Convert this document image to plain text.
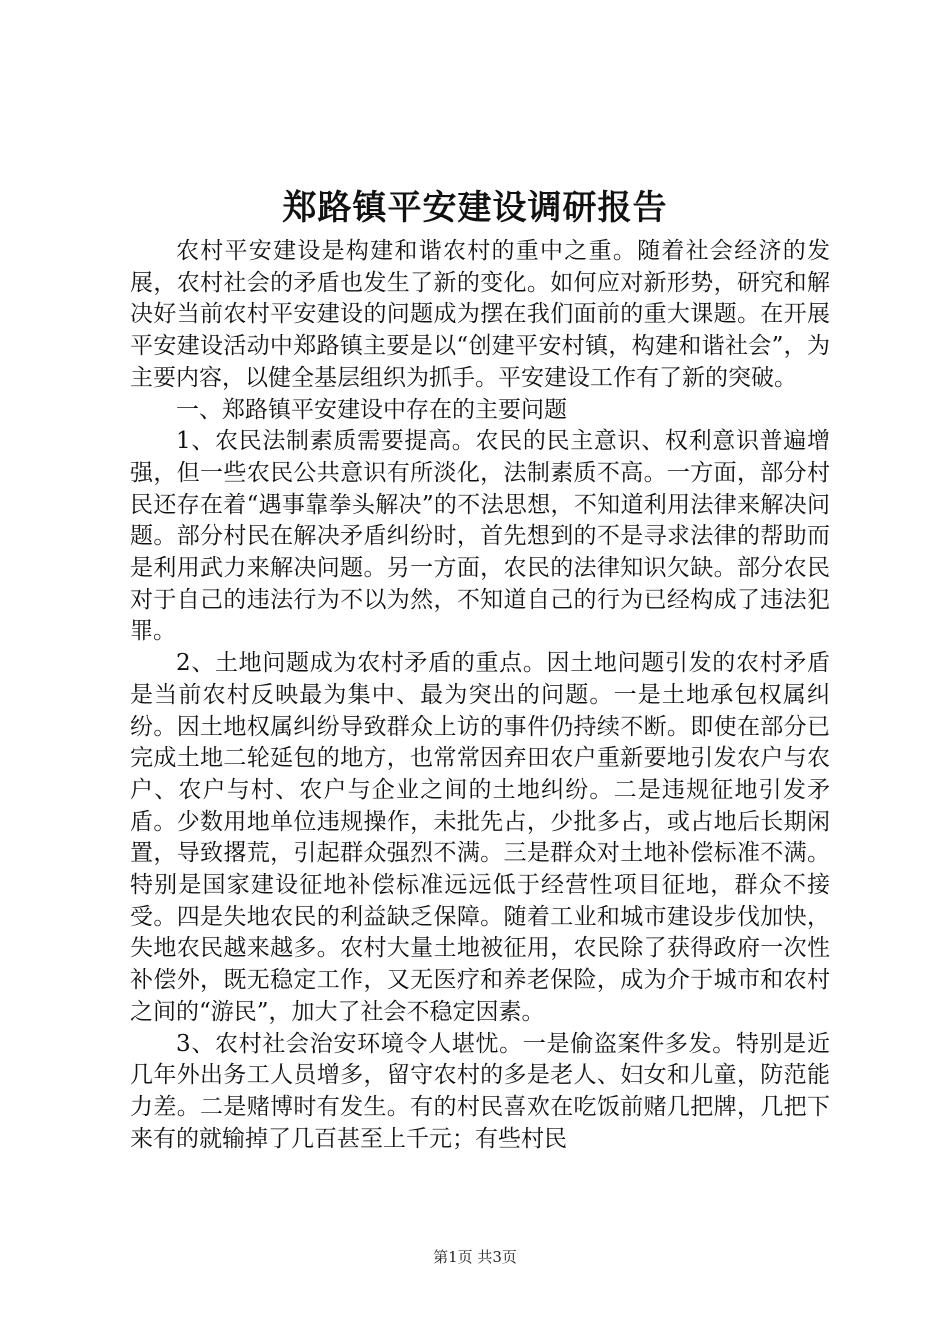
郑路镇平安建设调研报告

农村平安建设是构建和谐农村的重中之重。随着社会经济的发展，农村社会的矛盾也发生了新的变化。如何应对新形势，研究和解决好当前农村平安建设的问题成为摆在我们面前的重大课题。在开展平安建设活动中郑路镇主要是以“创建平安村镇，构建和谐社会”，为主要内容，以健全基层组织为抓手。平安建设工作有了新的突破。

一、郑路镇平安建设中存在的主要问题

1、农民法制素质需要提高。农民的民主意识、权利意识普遍增强，但一些农民公共意识有所淡化，法制素质不高。一方面，部分村民还存在着“遇事靠拳头解决”的不法思想，不知道利用法律来解决问题。部分村民在解决矛盾纠纷时，首先想到的不是寻求法律的帮助而是利用武力来解决问题。另一方面，农民的法律知识欠缺。部分农民对于自己的违法行为不以为然，不知道自己的行为已经构成了违法犯罪。

2、土地问题成为农村矛盾的重点。因土地问题引发的农村矛盾是当前农村反映最为集中、最为突出的问题。一是土地承包权属纠纷。因土地权属纠纷导致群众上访的事件仍持续不断。即使在部分已完成土地二轮延包的地方，也常常因弃田农户重新要地引发农户与农户、农户与村、农户与企业之间的土地纠纷。二是违规征地引发矛盾。少数用地单位违规操作，未批先占，少批多占，或占地后长期闲置，导致撂荒，引起群众强烈不满。三是群众对土地补偿标准不满。特别是国家建设征地补偿标准远远低于经营性项目征地，群众不接受。四是失地农民的利益缺乏保障。随着工业和城市建设步伐加快，失地农民越来越多。农村大量土地被征用，农民除了获得政府一次性补偿外，既无稳定工作，又无医疗和养老保险，成为介于城市和农村之间的“游民”，加大了社会不稳定因素。

3、农村社会治安环境令人堪忧。一是偷盗案件多发。特别是近几年外出务工人员增多，留守农村的多是老人、妇女和儿童，防范能力差。二是赌博时有发生。有的村民喜欢在吃饭前赌几把牌，几把下来有的就输掉了几百甚至上千元；有些村民

第1页 共3页
